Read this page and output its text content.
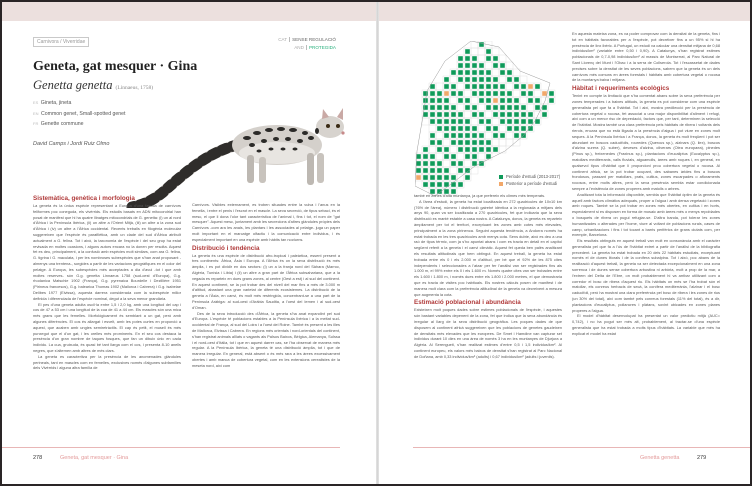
Carnivora / Viverridae	CAT SENSE REGULACIÓ
AND PROTEGIDA
Geneta, gat mesquer · Gina
Genetta genetta (Linnaeus, 1758)
ES Gineta, jineta
EN Common genet, Small-spotted genet
FR Genette commune
David Camps i Jordi Ruiz Olmo
Sistemàtica, genètica i morfologia

La geneta és la única espècie representant a Europa d'una família de carnívors feliformes poc coneguda, els vivèrrids. Els estudis basats en ADN mitocondrial han posat de manifest que hi ha quatre llinatges mitocondrials de G. genetta: (i) un al nord d'Àfrica i la Península Ibèrica, (ii) un altre a l'Orient Mitjà, (iii) un altre a la zona sud d'Àfrica i (iv) un altre a l'Àfrica occidental. Recents treballs en filogènia molecular suggereixen que l'espècie és parafilètica, amb un clade del sud d'Àfrica atribuït actualment a G. felina. Tot i això, la taxonomia de l'espècie i del seu grup ha estat revisada en moltes ocasions, i alguns autors encara no la donen per resolta. Aquest fet es deu, principalment, a la confusió amb espècies molt similars, com ara G. felina, G. tigrina i G. maculata, i per les nombroses subespècies que s'han anat proposant -almenys una trentena-, sorgides a partir de les variacions geogràfiques en el color del pelatge. A Europa, les subespècies més acceptades a dia d'avui -tot i que amb moltes reserves- són G.g. genetta Linnaeus 1758 (sud-oest d'Europa), G.g. rhodanica Matschie 1902 (França), G.g. pyrenaica Bourdelle i Dezillière 1951 (Pirineus francesos), G.g. balearica Thomas 1902 (Mallorca i Cabrera) i G.g. isabelae Delibes 1977 (Eivissa), aquesta darrera considerada com la subespècie millor definida i diferenciada de l'espècie nominal, degut a la seva menor grandària.

El pes d'una geneta adulta oscil·la entre 1,5 i 2,0 kg, amb una longitud del cap i cos de 47 a 53 cm i una longitud de la cua de 41 a 44 cm. Els mascles són una mica més grans que les femelles. Morfològicament és semblant a un gat, però amb algunes diferències. El cos és allargat i esvelt, amb les potes curtes en proporció a aquest, que acaben amb ungles semiretràctils. El cap és petit, el musell és més punxegut que el d'un gat, i les orelles més prominents. En el seu cos destaca la presència d'un gran nombre de taques fosques, que fan un dibuix únic en cada individu. La cua, gruixuda, és quasi bé tant llarga com el cos, i presenta 8-10 anells negres, que s'alternen amb altres de més clars.

La geneta es caracteritza per la presència de les anomenades glàndules perineals, tant en mascles com en femelles, exclusives només d'algunes subfamílies dels Vivèrrids i alguna altra família de

Carnívors. Visibles externament, es troben situades entre la vulva i l'anus en la femella, i entre el penis i l'escrot en el mascle. La seva secreció, de tipus sebaci, és el mesc, el que li dona l'olor tant característica de l'animal i, fins i tot, el nom de "gat mesquer". Aquest mesc, juntament amb les secrecions d'altres glàndules pròpies dels Carnívors -com ara les anals, les plantars i les associades al pelatge- juga un paper molt important en el marcatge olfactiu i la comunicació entre individus, i és especialment important en una espècie amb hàbits tan nocturns.

Distribució i tendència

La geneta és una espècie de distribució afro-tropical i paleàrtica, essent present a tres continents: Àfrica, Àsia i Europa. A l'Àfrica és on la seva distribució és més àmplia, i es pot dividir en dos sectors: (i) un a la franja nord del Sàhara (Marroc, Algèria, Tunísia i Líbia) i (ii) un altre a gran part de l'Àfrica subsahariana, que a la vegada es reparteix en dues grans zones, al centre (Oest a est) i al sud del continent. En aquest continent, se la pot trobar des del nivell del mar fins a més de 3.000 m d'altitud, abastant una gran varietat de diferents ecosistemes. La distribució de la geneta a l'Àsia, en canvi, és molt més restringida, concentrant-se a una part de la Península Aràbiga: al sud-oest d'Aràbia Saudita, a l'oest del Iemen i al sud-oest d'Oman.

Des de la seva introducció des d'Àfrica, la geneta s'ha anat expandint pel sud d'Europa. L'espècie té poblacions estables a la Península Ibèrica i a la meitat sud-occidental de França, al sud del Loira i a l'oest del Roine. També és present a les illes de Mallorca, Eivissa i Cabrera. En regions més orientals i nord-orientals del continent, s'han registrat animals aïllats o vagants als Països Baixos, Bèlgica, Alemanya, Suïssa i el nord-oest d'Itàlia, tot i que en aquest darrer cas, se l'ha observat de manera més regular. A la Península Ibèrica, la geneta té una distribució àmplia, tot i que de manera irregular. En general, està absent o és més rara a les àrees excessivament obertes i amb manca de cobertura vegetal, com en les extensions cerealistes de la meseta nord, així com

278	Geneta, gat mesquer · Gina
Període d'estudi (2013-2017)
Posterior a període d'estudi

també en zones d'alta muntanya, ja que prefereix els climes més temperats.

A l'àrea d'estudi, la geneta ha estat localitzada en 272 quadrícules de 10x10 km (76% de l'àrea), número i distribució gairebé idèntica a la regionada a mitjans dels anys 90, quan va ser localitzada a 270 quadrícules, fet que indicaria que la seva distribució es manté estable a casa nostra. A Catalunya, doncs, la geneta es reparteix àmpliament per tot el territori, exceptuant les zones amb cotes més elevades, principalment a la zona pirinenca. Seguint aquesta tendència, a Andorra només ha estat trobada en les tres quadrícules amb menys cota. Sens dubte, això es deu a una raó de tipus tèrmic, com ja s'ho apuntat abans i com es tracta en detall en el capítol següent referit a la geneta i el canvi climàtic. Aquest fet queda ben palès analitzant els resultats altitudinals que hem obtingut. En aquest treball, la geneta ha estat trobada entre els 0 i els 2.000 m d'altitud, per bé que el 92% de les 875 cites independents i seleccionades a l'atzar per fer l'anàlisi van ser registrades fins als 1.000 m, el 99% entre els 0 i els 1.600 m. Només quatre cites van ser trobades entre els 1.600 i 1.800 m, i només dues entre els 1.800 i 2.000 metres, el que demostraria que es tracta de visites poc habituals. Els nostres càlculs posen de manifest i de manera molt clara com la preferència altitudinal de la geneta va decreixent a mesura que augmenta la cota.

Estimació poblacional i abundància

Existeixen molt poques dades sobre estimes poblacionals de l'espècie, i aquestes són bastant variables depenent de la zona, fet que indica que la seva abundància és irregular al llarg de la seva distribució geogràfica. Les poques dades de que disposem al continent africà suggereixen que les poblacions de genetes gaudeixen de densitats més elevades que les europees. De Smet i Hamdine van capturar set individus durant 10 dies en una àrea de només 3 ha en les muntanyes de Djurjura a Algèria. Al Serengueti, s'han realitzat estimes d'entre 0,5 i 1,5 individus/km². Al continent europeu, els valors més baixos de densitat s'han registrat al Parc Nacional de Doñana, amb 0,33 individus/km² (adults) i 0,67 individus/km² (adults i juvenils).

En aquesta mateixa zona, es va poder comprovar com la densitat de la geneta, fins i tot en hàbitats favorables per a l'espècie, pot decréixer fins a un 95% si hi ha presència de linx ibèric. A Portugal, un estudi va calcular una densitat mitjana de 0,68 individus/km² (variable entre 0,50 i 0,90). A Catalunya, s'han registrat estimes poblacionals de 0,7-0,98 individus/km² al massís de Montserrat, al Parc Natural de Sant Llorenç del Munt i l'Obac i a la serra de Collserola. Tot i l'escassetat de dades precises sobre la densitat de les seves poblacions, sabem que la geneta és un dels carnívors més comuns en àrees forestals i hàbitats amb cobertura vegetal o rocosa de la muntanya baixa i mitjana.

Hàbitat i requeriments ecològics

Tenint en compte la limitació que s'ha comentat abans sobre la seva preferència per zones temperades i a baixes altituds, la geneta es pot considerar com una espècie generalista pel que fa a l'hàbitat. Tot i així, mostra predilecció per la presència de cobertura vegetal o rocosa, fet associat a una major disponibilitat d'aliment i refugi, així com a un menor risc de depredació, factors que, per tant, determinen la selecció de l'hàbitat. Mostra també una clara preferència pels hàbitats de ribera i voltants dels rierols, encara que no està lligada a la presència d'aigua i pot viure en zones molt seques. A la Península Ibèrica i a França, doncs, la geneta és molt freqüent i pot ser abundant en boscos caducifolis, rouredes (Quercus sp.), alzinars (Q. ilex), boscos d'alzina surera (Q. suber), deveses d'alzina, oliverars (Olea europaea), pinedes (Pinus sp.), freixenedes (Fraxinus sp.), plantacions d'eucaliptus (Eucalyptus sp.), matollars mediterranis, valls fluvials, aiguamolls, àrees amb roques i, en general, en qualsevol tipus d'hàbitat que li proporcioni prou cobertura vegetal o rocosa. Al continent africà, se la pot trobar ocupant, des sabanes àrides fins a boscos frondosos, passant per matollars, prats, cultius, zones escarpades o afloraments rocosos, entre molts altres, però la seva presència sembla estar condicionada sempre a l'existència de zones properes amb matolls o arbres.

Analitzant tota la informació disponible, sembla que l'hàbitat òptim de la geneta és aquell amb factors climàtics adequats, proper a l'aigua i amb densa vegetació i zones amb roques. També se la pot trobar en zones més obertes, en cultius i en horts, especialment si es disposen en forma de mosaic amb àrees més o menys repoblades o bosquets de ribera on pugui refugiar-se. D'altra banda, pot tolerar les zones humanitzades o alterades per l'home, viure al voltant de poblacions rurals, cases de camp, urbanitzacions i fins i tot tocant a barris perifèrics de grans ciutats com, per exemple, Barcelona.

Els resultats obtinguts en aquest treball van molt en consonància amb el caràcter generalista pel que fa a l'ús de l'hàbitat extret a partir de l'anàlisi de la bibliografia precedent. La geneta ha estat trobada en 20 dels 22 hàbitats estudiats, exceptuant només el de dunes litorals i de la conífera subalpina. Tot i això, poc abans de la realització d'aquest treball, la geneta va ser detectada excepcionalment en una zona sorrenca i de dunes sense cobertura arbustiva ni arbòria, molt a prop de la mar, a l'extrem del Delta de l'Ebre, on molt probablement hi va arribar utilitzant com a corredor el bosc de ribera d'aquest riu. Els hàbitats on més se l'ha trobat són el matollar, els conreus herbacis de secà, la conífera mediterrània, l'alzinar i el bosc caducifoli, però ha mostrat una clara preferència pel bosc de ribera i les zones de rius (un 30% del total), així com també pels conreus forestals (11% del total), és a dir, plantacions d'eucaliptus, pollancres i plàtans, sovint ubicades en zones planes properes a l'aigua.

El model d'hàbitat desenvolupat ha presentat un valor predictiu mitjà (AUC= 0,742), i no ha pogut ser més alt, probablement, al tractar-se d'una espècie generalista que ha estat trobada a molts tipus d'hàbitats. La variable que més ha explicat el model ha estat

Genetta genetta	279
